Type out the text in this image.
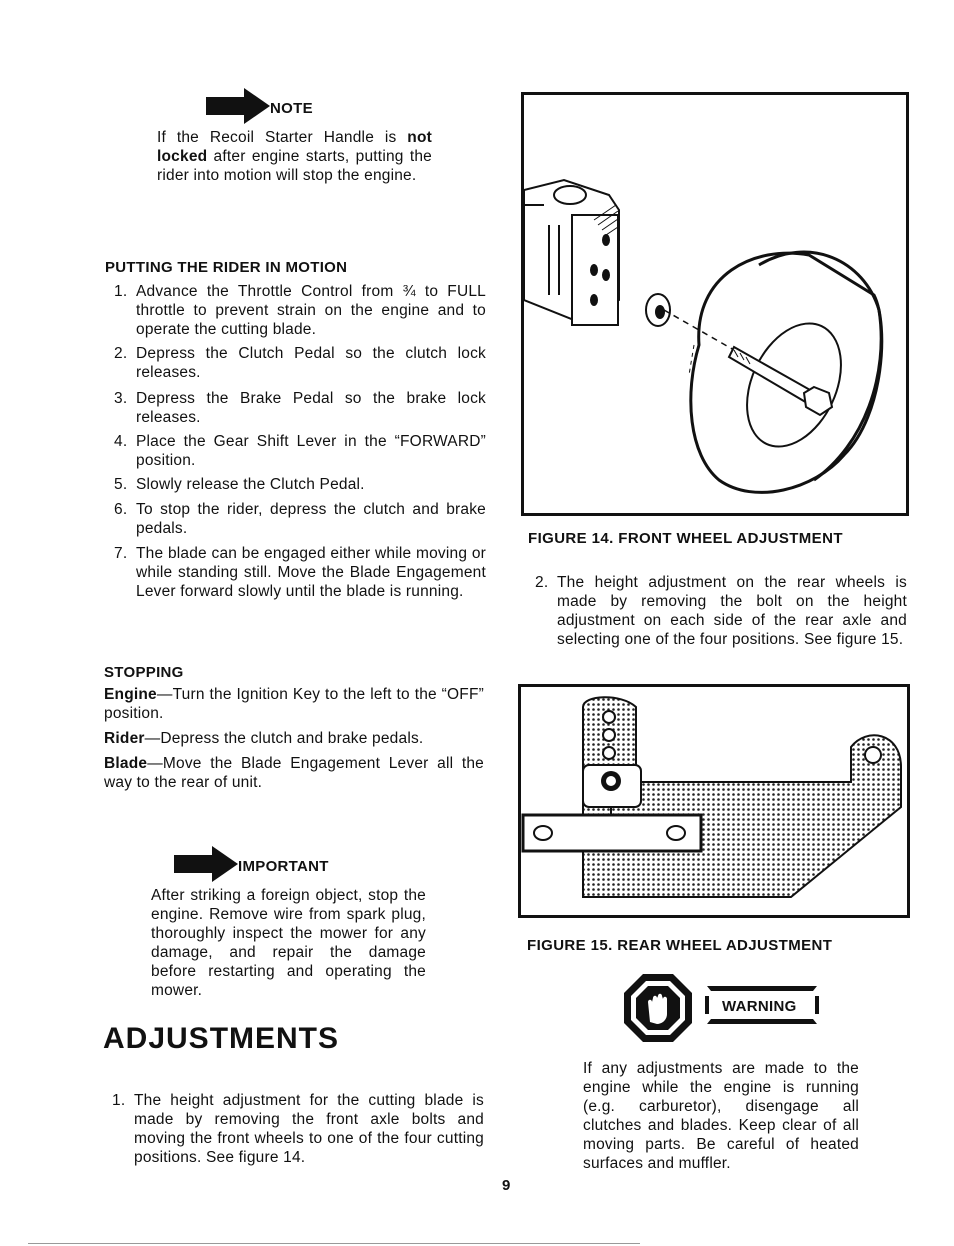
NOTE
If the Recoil Starter Handle is not locked after engine starts, putting the rider into motion will stop the engine.
PUTTING THE RIDER IN MOTION
1. Advance the Throttle Control from ¾ to FULL throttle to prevent strain on the engine and to operate the cutting blade.
2. Depress the Clutch Pedal so the clutch lock releases.
3. Depress the Brake Pedal so the brake lock releases.
4. Place the Gear Shift Lever in the “FORWARD” position.
5. Slowly release the Clutch Pedal.
6. To stop the rider, depress the clutch and brake pedals.
7. The blade can be engaged either while moving or while standing still. Move the Blade Engagement Lever forward slowly until the blade is running.
STOPPING
Engine—Turn the Ignition Key to the left to the “OFF” position.
Rider—Depress the clutch and brake pedals.
Blade—Move the Blade Engagement Lever all the way to the rear of unit.
IMPORTANT
After striking a foreign object, stop the engine. Remove wire from spark plug, thoroughly inspect the mower for any damage, and repair the damage before restarting and operating the mower.
ADJUSTMENTS
1. The height adjustment for the cutting blade is made by removing the front axle bolts and moving the front wheels to one of the four cutting positions. See figure 14.
FIGURE 14. FRONT WHEEL ADJUSTMENT
2. The height adjustment on the rear wheels is made by removing the bolt on the height adjustment on each side of the rear axle and selecting one of the four positions. See figure 15.
FIGURE 15. REAR WHEEL ADJUSTMENT
WARNING
If any adjustments are made to the engine while the engine is running (e.g. carburetor), disengage all clutches and blades. Keep clear of all moving parts. Be careful of heated surfaces and muffler.
9
